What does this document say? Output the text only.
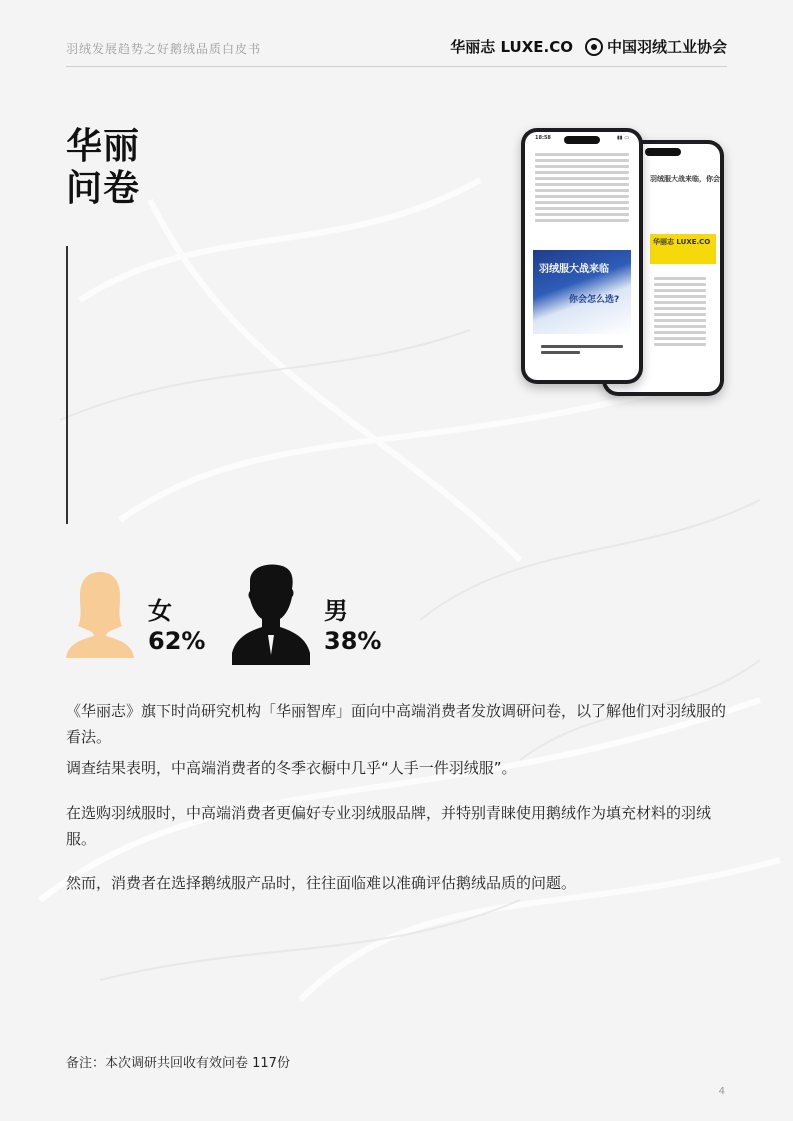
羽绒发展趋势之好鹅绒品质白皮书	华丽志 LUXE.CO 中国羽绒工业协会
华丽
问卷	羽绒服大战来临，你会
华丽志 LUXE.CO
18:58	▮▮ ▭
羽绒服大战来临
你会怎么选?
女
62%
男
38%
《华丽志》旗下时尚研究机构「华丽智库」面向中高端消费者发放调研问卷，以了解他们对羽绒服的看法。
调查结果表明，中高端消费者的冬季衣橱中几乎“人手一件羽绒服”。
在选购羽绒服时，中高端消费者更偏好专业羽绒服品牌，并特别青睐使用鹅绒作为填充材料的羽绒服。
然而，消费者在选择鹅绒服产品时，往往面临难以准确评估鹅绒品质的问题。
备注：本次调研共回收有效问卷 117份
4
